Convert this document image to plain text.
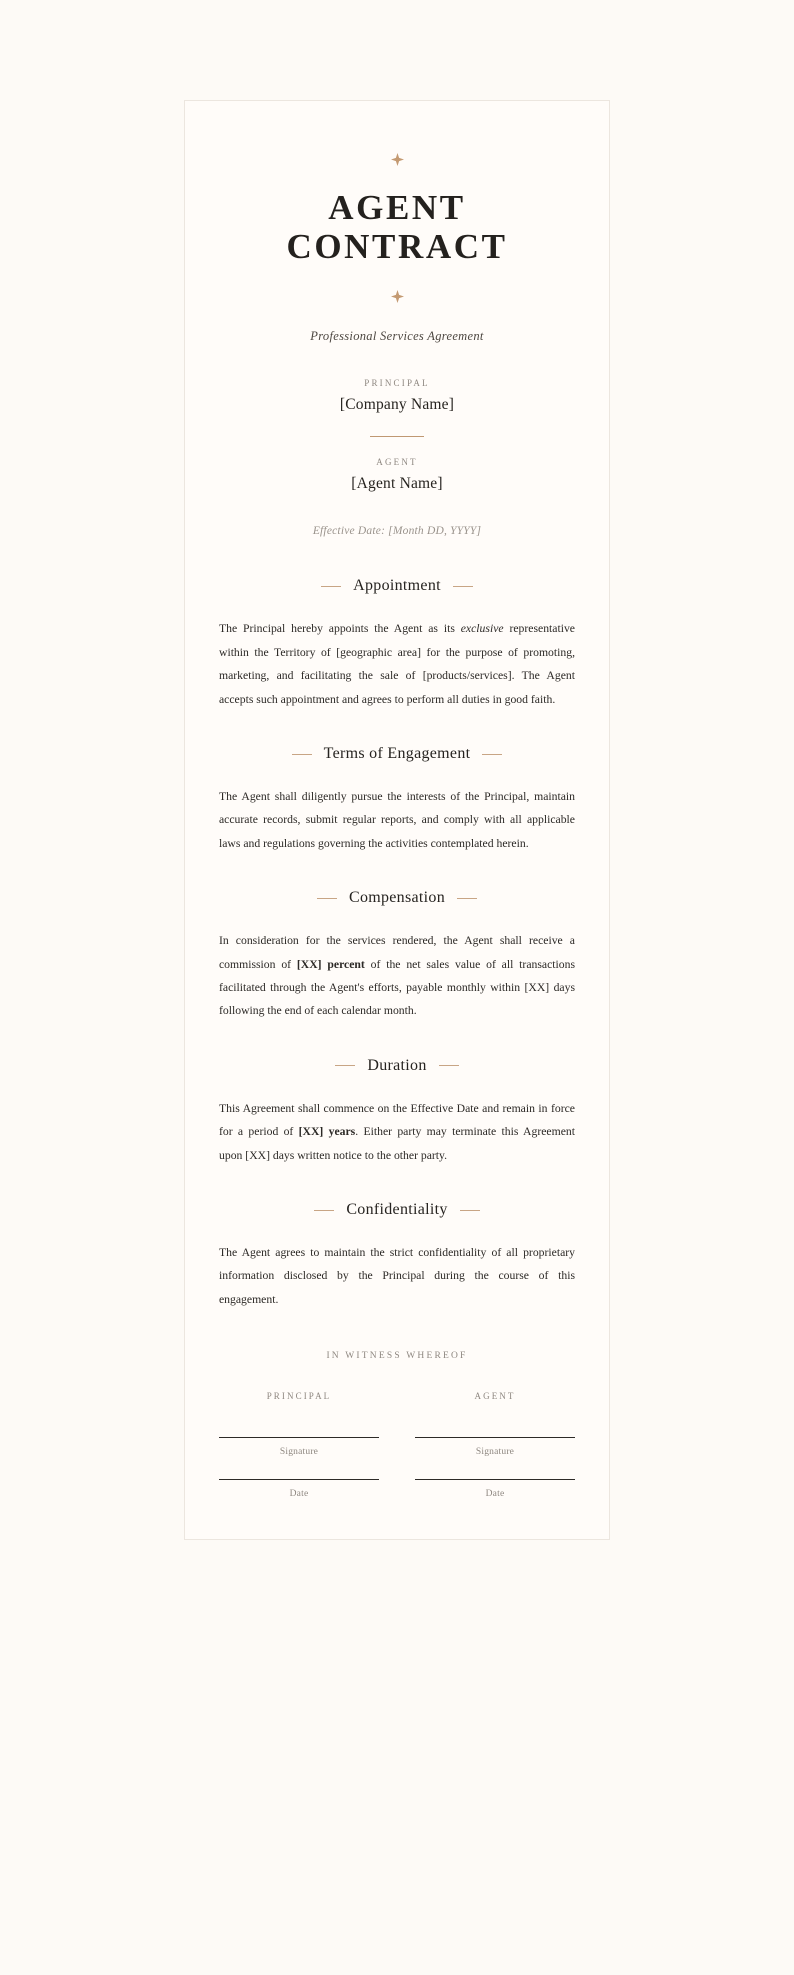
AGENT CONTRACT
Professional Services Agreement
PRINCIPAL
[Company Name]
AGENT
[Agent Name]
Effective Date: [Month DD, YYYY]
Appointment

The Principal hereby appoints the Agent as its exclusive representative within the Territory of [geographic area] for the purpose of promoting, marketing, and facilitating the sale of [products/services]. The Agent accepts such appointment and agrees to perform all duties in good faith.

Terms of Engagement

The Agent shall diligently pursue the interests of the Principal, maintain accurate records, submit regular reports, and comply with all applicable laws and regulations governing the activities contemplated herein.

Compensation

In consideration for the services rendered, the Agent shall receive a commission of [XX] percent of the net sales value of all transactions facilitated through the Agent's efforts, payable monthly within [XX] days following the end of each calendar month.

Duration

This Agreement shall commence on the Effective Date and remain in force for a period of [XX] years. Either party may terminate this Agreement upon [XX] days written notice to the other party.

Confidentiality

The Agent agrees to maintain the strict confidentiality of all proprietary information disclosed by the Principal during the course of this engagement.

IN WITNESS WHEREOF
PRINCIPAL
Signature
Date
AGENT
Signature
Date
